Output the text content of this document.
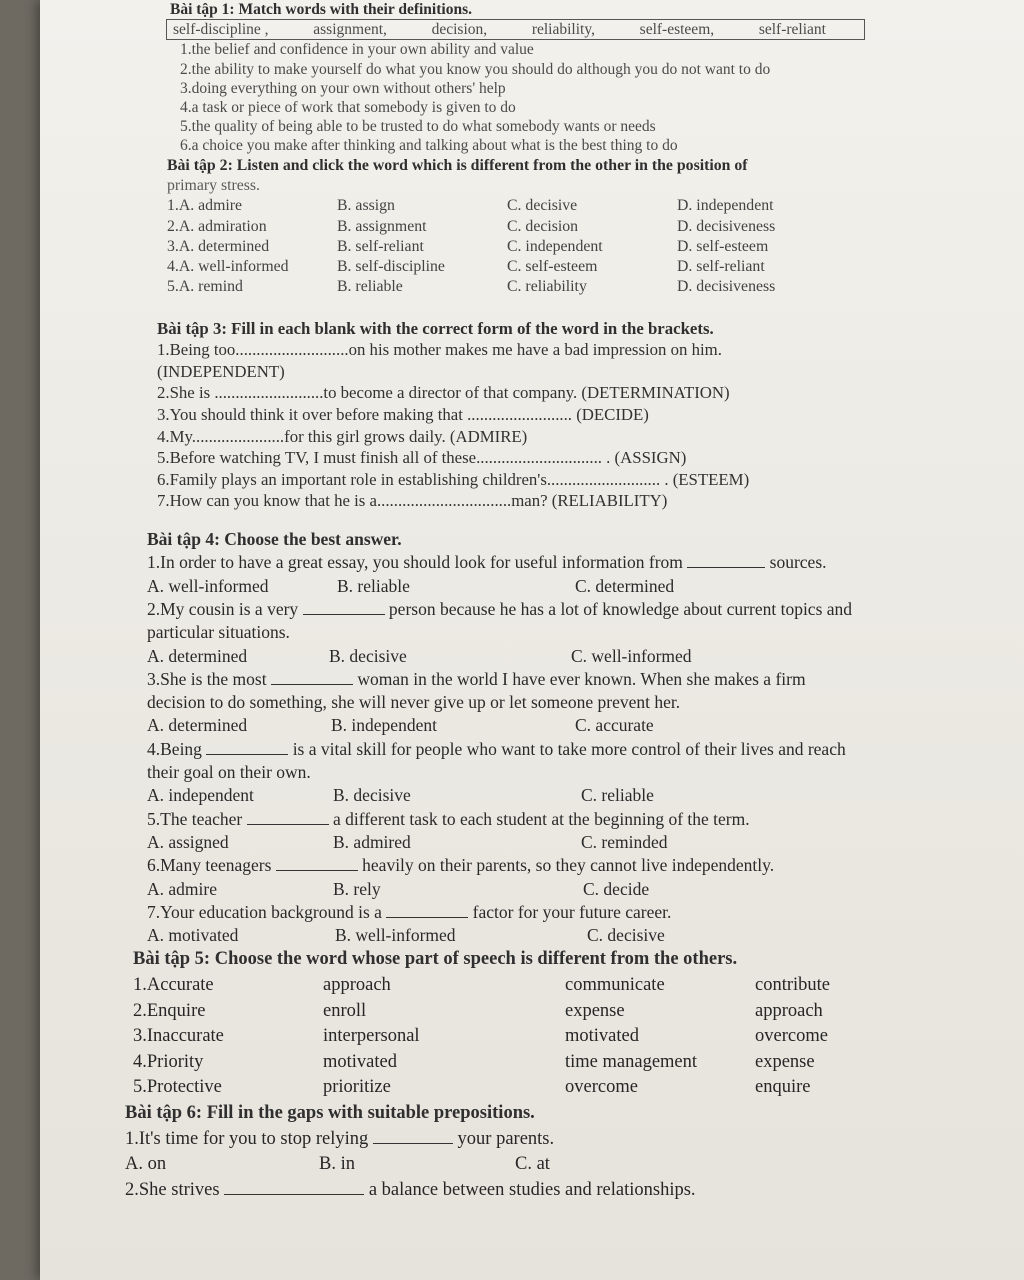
Bài tập 1: Match words with their definitions.
self-discipline ,	assignment,	decision,	reliability,	self-esteem,	self-reliant
1.the belief and confidence in your own ability and value
2.the ability to make yourself do what you know you should do although you do not want to do
3.doing everything on your own without others' help
4.a task or piece of work that somebody is given to do
5.the quality of being able to be trusted to do what somebody wants or needs
6.a choice you make after thinking and talking about what is the best thing to do
Bài tập 2: Listen and click the word which is different from the other in the position of
primary stress.
1.A. admire	B. assign	C. decisive	D. independent
2.A. admiration	B. assignment	C. decision	D. decisiveness
3.A. determined	B. self-reliant	C. independent	D. self-esteem
4.A. well-informed	B. self-discipline	C. self-esteem	D. self-reliant
5.A. remind	B. reliable	C. reliability	D. decisiveness
Bài tập 3: Fill in each blank with the correct form of the word in the brackets.
1.Being too...........................on his mother makes me have a bad impression on him.
(INDEPENDENT)
2.She is ..........................to become a director of that company. (DETERMINATION)
3.You should think it over before making that ......................... (DECIDE)
4.My......................for this girl grows daily. (ADMIRE)
5.Before watching TV, I must finish all of these.............................. . (ASSIGN)
6.Family plays an important role in establishing children's........................... . (ESTEEM)
7.How can you know that he is a................................man? (RELIABILITY)
Bài tập 4: Choose the best answer.
1.In order to have a great essay, you should look for useful information from	sources.
A. well-informed	B. reliable	C. determined
2.My cousin is a very	person because he has a lot of knowledge about current topics and
particular situations.
A. determined	B. decisive	C. well-informed
3.She is the most	woman in the world I have ever known. When she makes a firm
decision to do something, she will never give up or let someone prevent her.
A. determined	B. independent	C. accurate
4.Being	is a vital skill for people who want to take more control of their lives and reach
their goal on their own.
A. independent	B. decisive	C. reliable
5.The teacher	a different task to each student at the beginning of the term.
A. assigned	B. admired	C. reminded
6.Many teenagers	heavily on their parents, so they cannot live independently.
A. admire	B. rely	C. decide
7.Your education background is a	factor for your future career.
A. motivated	B. well-informed	C. decisive
Bài tập 5: Choose the word whose part of speech is different from the others.
1.Accurate	approach	communicate	contribute
2.Enquire	enroll	expense	approach
3.Inaccurate	interpersonal	motivated	overcome
4.Priority	motivated	time management	expense
5.Protective	prioritize	overcome	enquire
Bài tập 6: Fill in the gaps with suitable prepositions.
1.It's time for you to stop relying	your parents.
A. on	B. in	C. at
2.She strives	a balance between studies and relationships.
